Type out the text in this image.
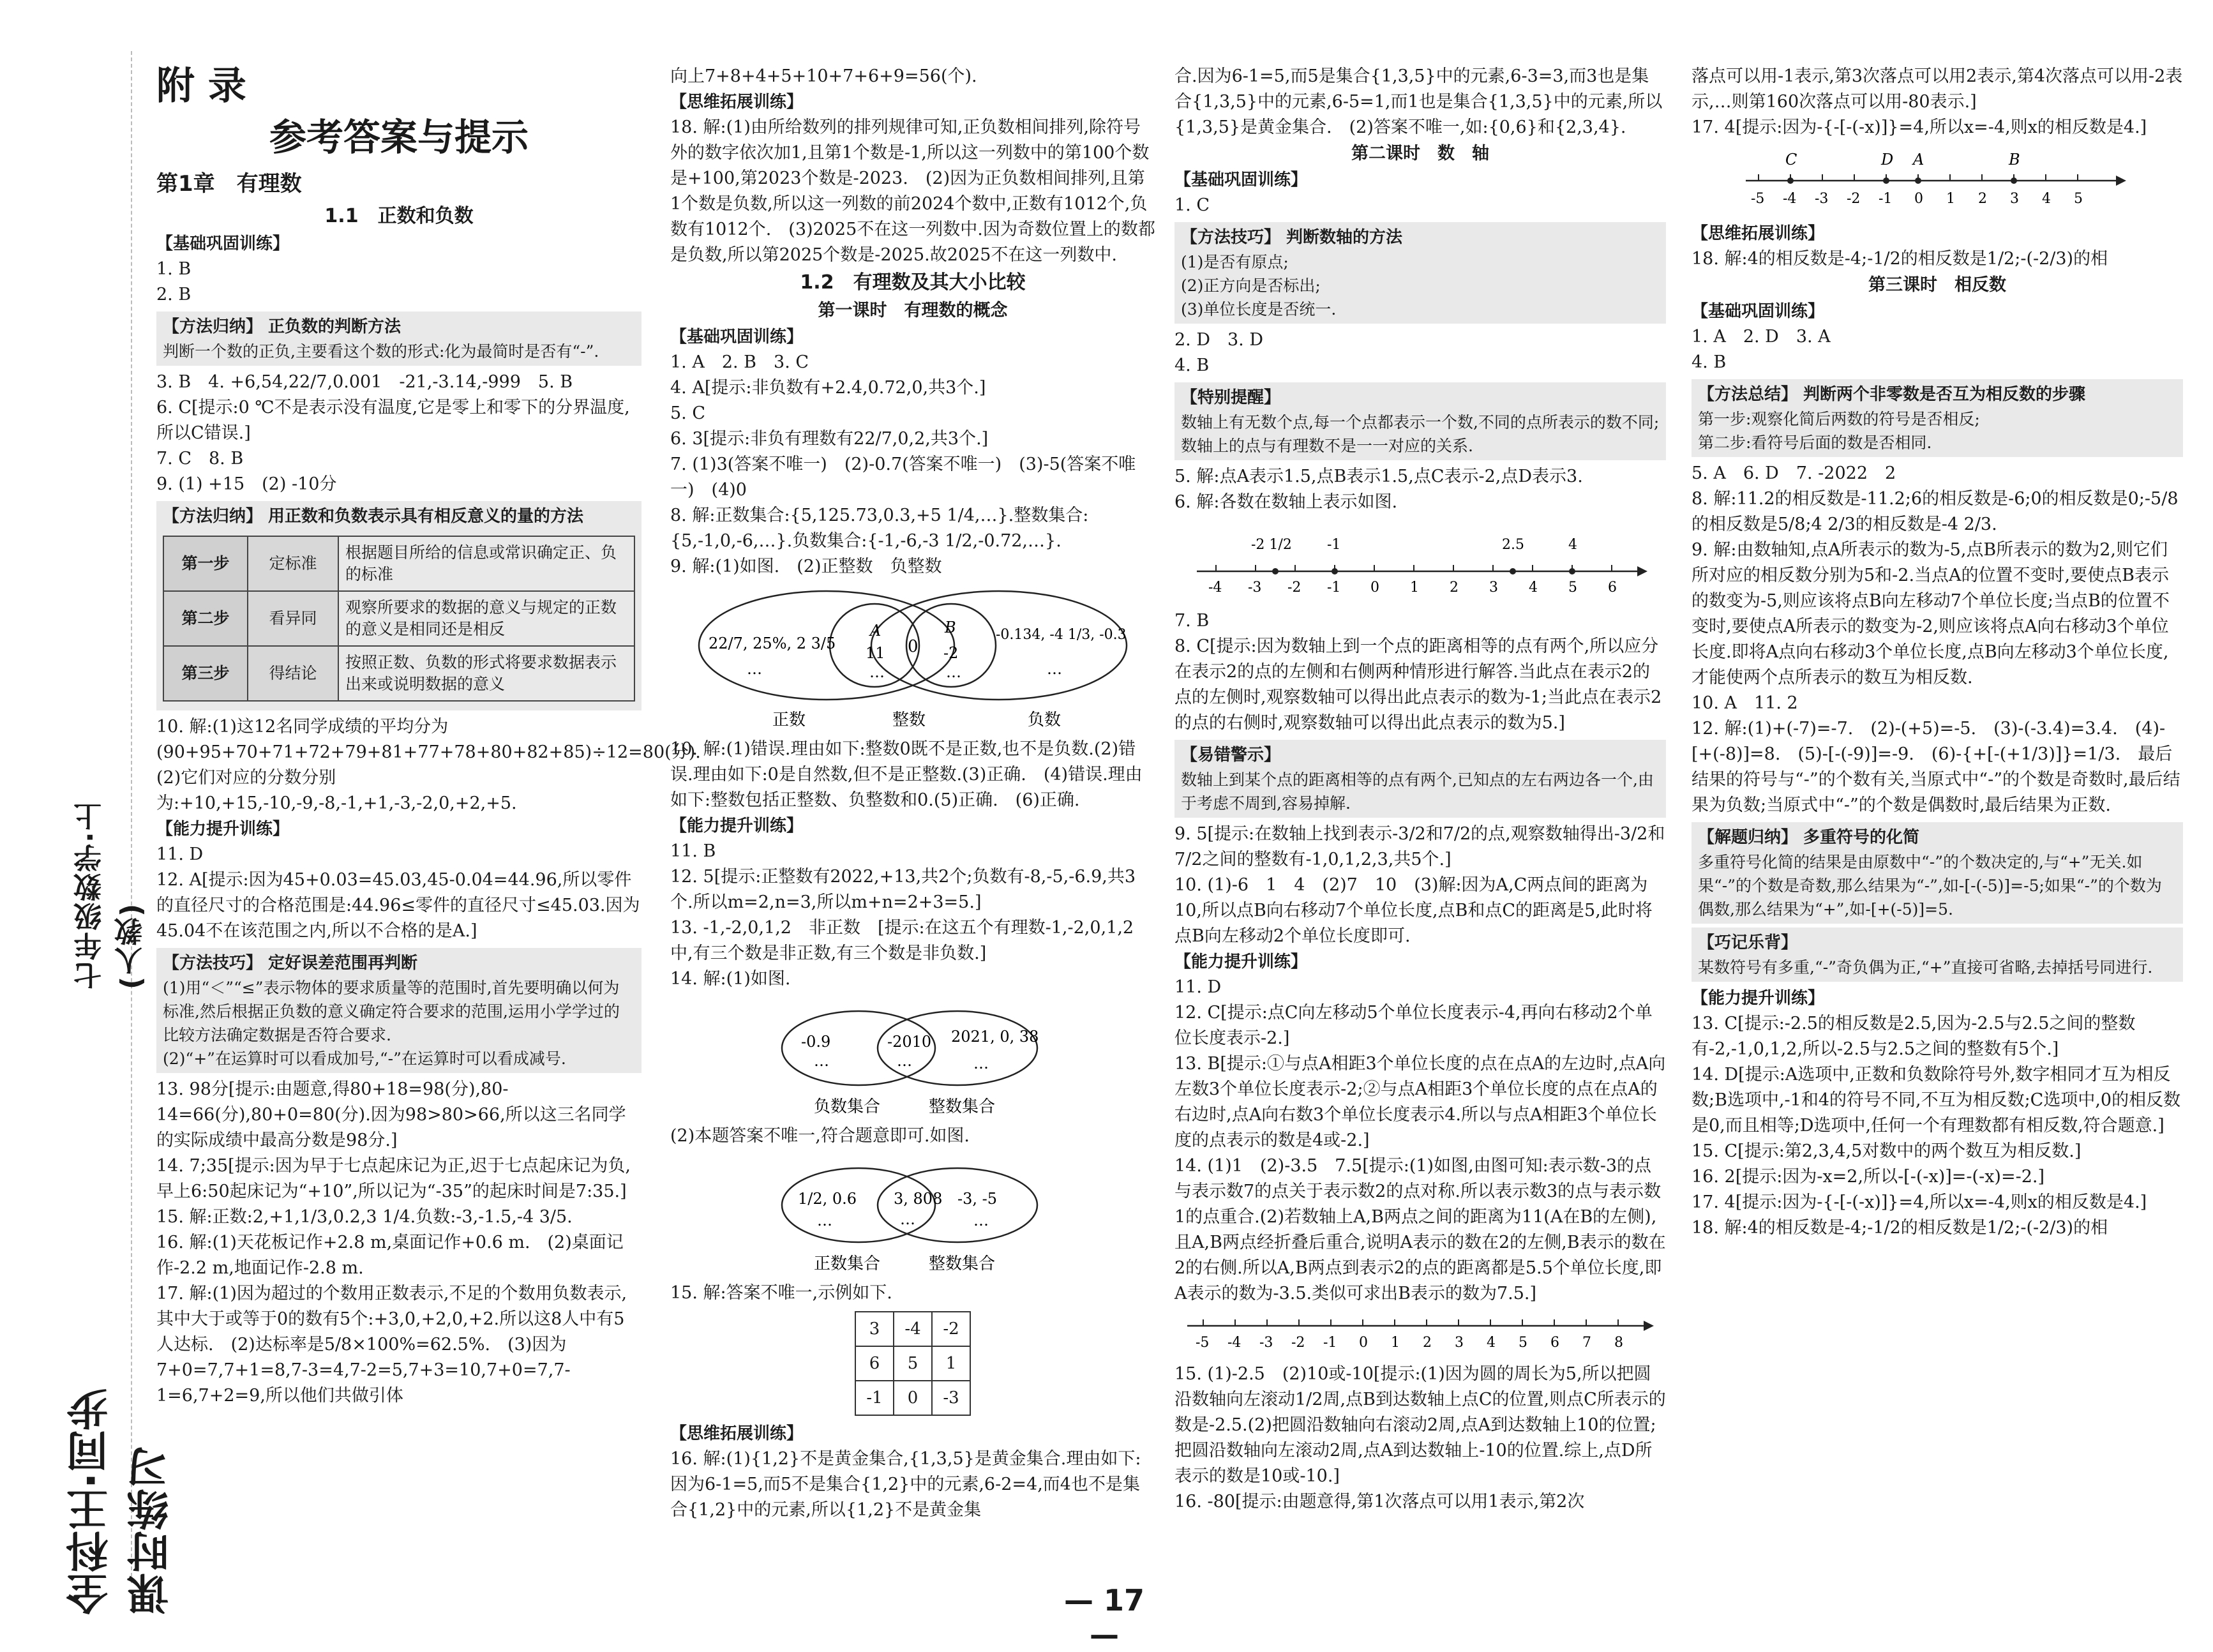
七年级数学·上(人教)
全科王·同步课时练习

附 录

参考答案与提示

第1章　有理数

1.1　正数和负数

【基础巩固训练】

1. B

2. B

【方法归纳】 正负数的判断方法

判断一个数的正负,主要看这个数的形式:化为最简时是否有“-”.

3. B　4. +6,54,22/7,0.001　-21,-3.14,-999　5. B

6. C[提示:0 ℃不是表示没有温度,它是零上和零下的分界温度,所以C错误.]

7. C　8. B

9. (1) +15　(2) -10分

【方法归纳】 用正数和负数表示具有相反意义的量的方法
第一步	定标准	根据题目所给的信息或常识确定正、负的标准
第二步	看异同	观察所要求的数据的意义与规定的正数的意义是相同还是相反
第三步	得结论	按照正数、负数的形式将要求数据表示出来或说明数据的意义

10. 解:(1)这12名同学成绩的平均分为(90+95+70+71+72+79+81+77+78+80+82+85)÷12=80(分).(2)它们对应的分数分别为:+10,+15,-10,-9,-8,-1,+1,-3,-2,0,+2,+5.

【能力提升训练】

11. D

12. A[提示:因为45+0.03=45.03,45-0.04=44.96,所以零件的直径尺寸的合格范围是:44.96≤零件的直径尺寸≤45.03.因为45.04不在该范围之内,所以不合格的是A.]

【方法技巧】 定好误差范围再判断

(1)用“＜”“≤”表示物体的要求质量等的范围时,首先要明确以何为标准,然后根据正负数的意义确定符合要求的范围,运用小学学过的比较方法确定数据是否符合要求.

(2)“+”在运算时可以看成加号,“-”在运算时可以看成减号.

13. 98分[提示:由题意,得80+18=98(分),80-14=66(分),80+0=80(分).因为98>80>66,所以这三名同学的实际成绩中最高分数是98分.]

14. 7;35[提示:因为早于七点起床记为正,迟于七点起床记为负,早上6:50起床记为“+10”,所以记为“-35”的起床时间是7:35.]

15. 解:正数:2,+1,1/3,0.2,3 1/4.负数:-3,-1.5,-4 3/5.

16. 解:(1)天花板记作+2.8 m,桌面记作+0.6 m.　(2)桌面记作-2.2 m,地面记作-2.8 m.

17. 解:(1)因为超过的个数用正数表示,不足的个数用负数表示,其中大于或等于0的数有5个:+3,0,+2,0,+2.所以这8人中有5人达标.　(2)达标率是5/8×100%=62.5%.　(3)因为7+0=7,7+1=8,7-3=4,7-2=5,7+3=10,7+0=7,7-1=6,7+2=9,所以他们共做引体

向上7+8+4+5+10+7+6+9=56(个).

【思维拓展训练】

18. 解:(1)由所给数列的排列规律可知,正负数相间排列,除符号外的数字依次加1,且第1个数是-1,所以这一列数中的第100个数是+100,第2023个数是-2023.　(2)因为正负数相间排列,且第1个数是负数,所以这一列数的前2024个数中,正数有1012个,负数有1012个.　(3)2025不在这一列数中.因为奇数位置上的数都是负数,所以第2025个数是-2025.故2025不在这一列数中.

1.2　有理数及其大小比较

第一课时　有理数的概念

【基础巩固训练】

1. A　2. B　3. C

4. A[提示:非负数有+2.4,0.72,0,共3个.]

5. C

6. 3[提示:非负有理数有22/7,0,2,共3个.]

7. (1)3(答案不唯一)　(2)-0.7(答案不唯一)　(3)-5(答案不唯一)　(4)0

8. 解:正数集合:{5,125.73,0.3,+5 1/4,…}.整数集合:{5,-1,0,-6,…}.负数集合:{-1,-6,-3 1/2,-0.72,…}.

9. 解:(1)如图.　(2)正整数　负整数

22/7, 25%, 2 3/5
…
A
11
…
0
B
-2
…
-0.134, -4 1/3, -0.3
…
正数	整数	负数

10. 解:(1)错误.理由如下:整数0既不是正数,也不是负数.(2)错误.理由如下:0是自然数,但不是正整数.(3)正确.　(4)错误.理由如下:整数包括正整数、负整数和0.(5)正确.　(6)正确.

【能力提升训练】

11. B

12. 5[提示:正整数有2022,+13,共2个;负数有-8,-5,-6.9,共3个.所以m=2,n=3,所以m+n=2+3=5.]

13. -1,-2,0,1,2　非正数　[提示:在这五个有理数-1,-2,0,1,2中,有三个数是非正数,有三个数是非负数.]

14. 解:(1)如图.

-0.9
…
-2010
…
2021, 0, 38
…
负数集合	整数集合

(2)本题答案不唯一,符合题意即可.如图.

1/2, 0.6
…
3, 808
…
-3, -5
…
正数集合	整数集合

15. 解:答案不唯一,示例如下.

3	-4	-2
6	5	1
-1	0	-3

【思维拓展训练】

16. 解:(1){1,2}不是黄金集合,{1,3,5}是黄金集合.理由如下:因为6-1=5,而5不是集合{1,2}中的元素,6-2=4,而4也不是集合{1,2}中的元素,所以{1,2}不是黄金集

合.因为6-1=5,而5是集合{1,3,5}中的元素,6-3=3,而3也是集合{1,3,5}中的元素,6-5=1,而1也是集合{1,3,5}中的元素,所以{1,3,5}是黄金集合.　(2)答案不唯一,如:{0,6}和{2,3,4}.

第二课时　数　轴

【基础巩固训练】

1. C

【方法技巧】 判断数轴的方法

(1)是否有原点;

(2)正方向是否标出;

(3)单位长度是否统一.

2. D　3. D

4. B

【特别提醒】

数轴上有无数个点,每一个点都表示一个数,不同的点所表示的数不同;数轴上的点与有理数不是一一对应的关系.

5. 解:点A表示1.5,点B表示1.5,点C表示-2,点D表示3.

6. 解:各数在数轴上表示如图.

-4 -3 -2 -1 0 1 2 3 4 5 6
-2 1/2	-1	2.5	4

7. B

8. C[提示:因为数轴上到一个点的距离相等的点有两个,所以应分在表示2的点的左侧和右侧两种情形进行解答.当此点在表示2的点的左侧时,观察数轴可以得出此点表示的数为-1;当此点在表示2的点的右侧时,观察数轴可以得出此点表示的数为5.]

【易错警示】

数轴上到某个点的距离相等的点有两个,已知点的左右两边各一个,由于考虑不周到,容易掉解.

9. 5[提示:在数轴上找到表示-3/2和7/2的点,观察数轴得出-3/2和7/2之间的整数有-1,0,1,2,3,共5个.]

10. (1)-6　1　4　(2)7　10　(3)解:因为A,C两点间的距离为10,所以点B向右移动7个单位长度,点B和点C的距离是5,此时将点B向左移动2个单位长度即可.

【能力提升训练】

11. D

12. C[提示:点C向左移动5个单位长度表示-4,再向右移动2个单位长度表示-2.]

13. B[提示:①与点A相距3个单位长度的点在点A的左边时,点A向左数3个单位长度表示-2;②与点A相距3个单位长度的点在点A的右边时,点A向右数3个单位长度表示4.所以与点A相距3个单位长度的点表示的数是4或-2.]

14. (1)1　(2)-3.5　7.5[提示:(1)如图,由图可知:表示数-3的点与表示数7的点关于表示数2的点对称.所以表示数3的点与表示数1的点重合.(2)若数轴上A,B两点之间的距离为11(A在B的左侧),且A,B两点经折叠后重合,说明A表示的数在2的左侧,B表示的数在2的右侧.所以A,B两点到表示2的点的距离都是5.5个单位长度,即A表示的数为-3.5.类似可求出B表示的数为7.5.]

-5 -4 -3 -2 -1 0 1 2 3 4 5 6 7 8

15. (1)-2.5　(2)10或-10[提示:(1)因为圆的周长为5,所以把圆沿数轴向左滚动1/2周,点B到达数轴上点C的位置,则点C所表示的数是-2.5.(2)把圆沿数轴向右滚动2周,点A到达数轴上10的位置;把圆沿数轴向左滚动2周,点A到达数轴上-10的位置.综上,点D所表示的数是10或-10.]

16. -80[提示:由题意得,第1次落点可以用1表示,第2次

落点可以用-1表示,第3次落点可以用2表示,第4次落点可以用-2表示,…则第160次落点可以用-80表示.]

17. 4[提示:因为-{-[-(-x)]}=4,所以x=-4,则x的相反数是4.]

C	D A	B
-5 -4 -3 -2 -1 0 1 2 3 4 5

【思维拓展训练】

18. 解:4的相反数是-4;-1/2的相反数是1/2;-(-2/3)的相

第三课时　相反数

【基础巩固训练】

1. A　2. D　3. A

4. B

【方法总结】 判断两个非零数是否互为相反数的步骤

第一步:观察化简后两数的符号是否相反;

第二步:看符号后面的数是否相同.

5. A　6. D　7. -2022　2

8. 解:11.2的相反数是-11.2;6的相反数是-6;0的相反数是0;-5/8的相反数是5/8;4 2/3的相反数是-4 2/3.

9. 解:由数轴知,点A所表示的数为-5,点B所表示的数为2,则它们所对应的相反数分别为5和-2.当点A的位置不变时,要使点B表示的数变为-5,则应该将点B向左移动7个单位长度;当点B的位置不变时,要使点A所表示的数变为-2,则应该将点A向右移动3个单位长度.即将A点向右移动3个单位长度,点B向左移动3个单位长度,才能使两个点所表示的数互为相反数.

10. A　11. 2

12. 解:(1)+(-7)=-7.　(2)-(+5)=-5.　(3)-(-3.4)=3.4.　(4)-[+(-8)]=8.　(5)-[-(-9)]=-9.　(6)-{+[-(+1/3)]}=1/3.　最后结果的符号与“-”的个数有关,当原式中“-”的个数是奇数时,最后结果为负数;当原式中“-”的个数是偶数时,最后结果为正数.

【解题归纳】 多重符号的化简

多重符号化简的结果是由原数中“-”的个数决定的,与“+”无关.如果“-”的个数是奇数,那么结果为“-”,如-[-(-5)]=-5;如果“-”的个数为偶数,那么结果为“+”,如-[+(-5)]=5.

【巧记乐背】

某数符号有多重,“-”奇负偶为正,“+”直接可省略,去掉括号同进行.

【能力提升训练】

13. C[提示:-2.5的相反数是2.5,因为-2.5与2.5之间的整数有-2,-1,0,1,2,所以-2.5与2.5之间的整数有5个.]

14. D[提示:A选项中,正数和负数除符号外,数字相同才互为相反数;B选项中,-1和4的符号不同,不互为相反数;C选项中,0的相反数是0,而且相等;D选项中,任何一个有理数都有相反数,符合题意.]

15. C[提示:第2,3,4,5对数中的两个数互为相反数.]

16. 2[提示:因为-x=2,所以-[-(-x)]=-(-x)=-2.]

17. 4[提示:因为-{-[-(-x)]}=4,所以x=-4,则x的相反数是4.]

18. 解:4的相反数是-4;-1/2的相反数是1/2;-(-2/3)的相

— 17 —
